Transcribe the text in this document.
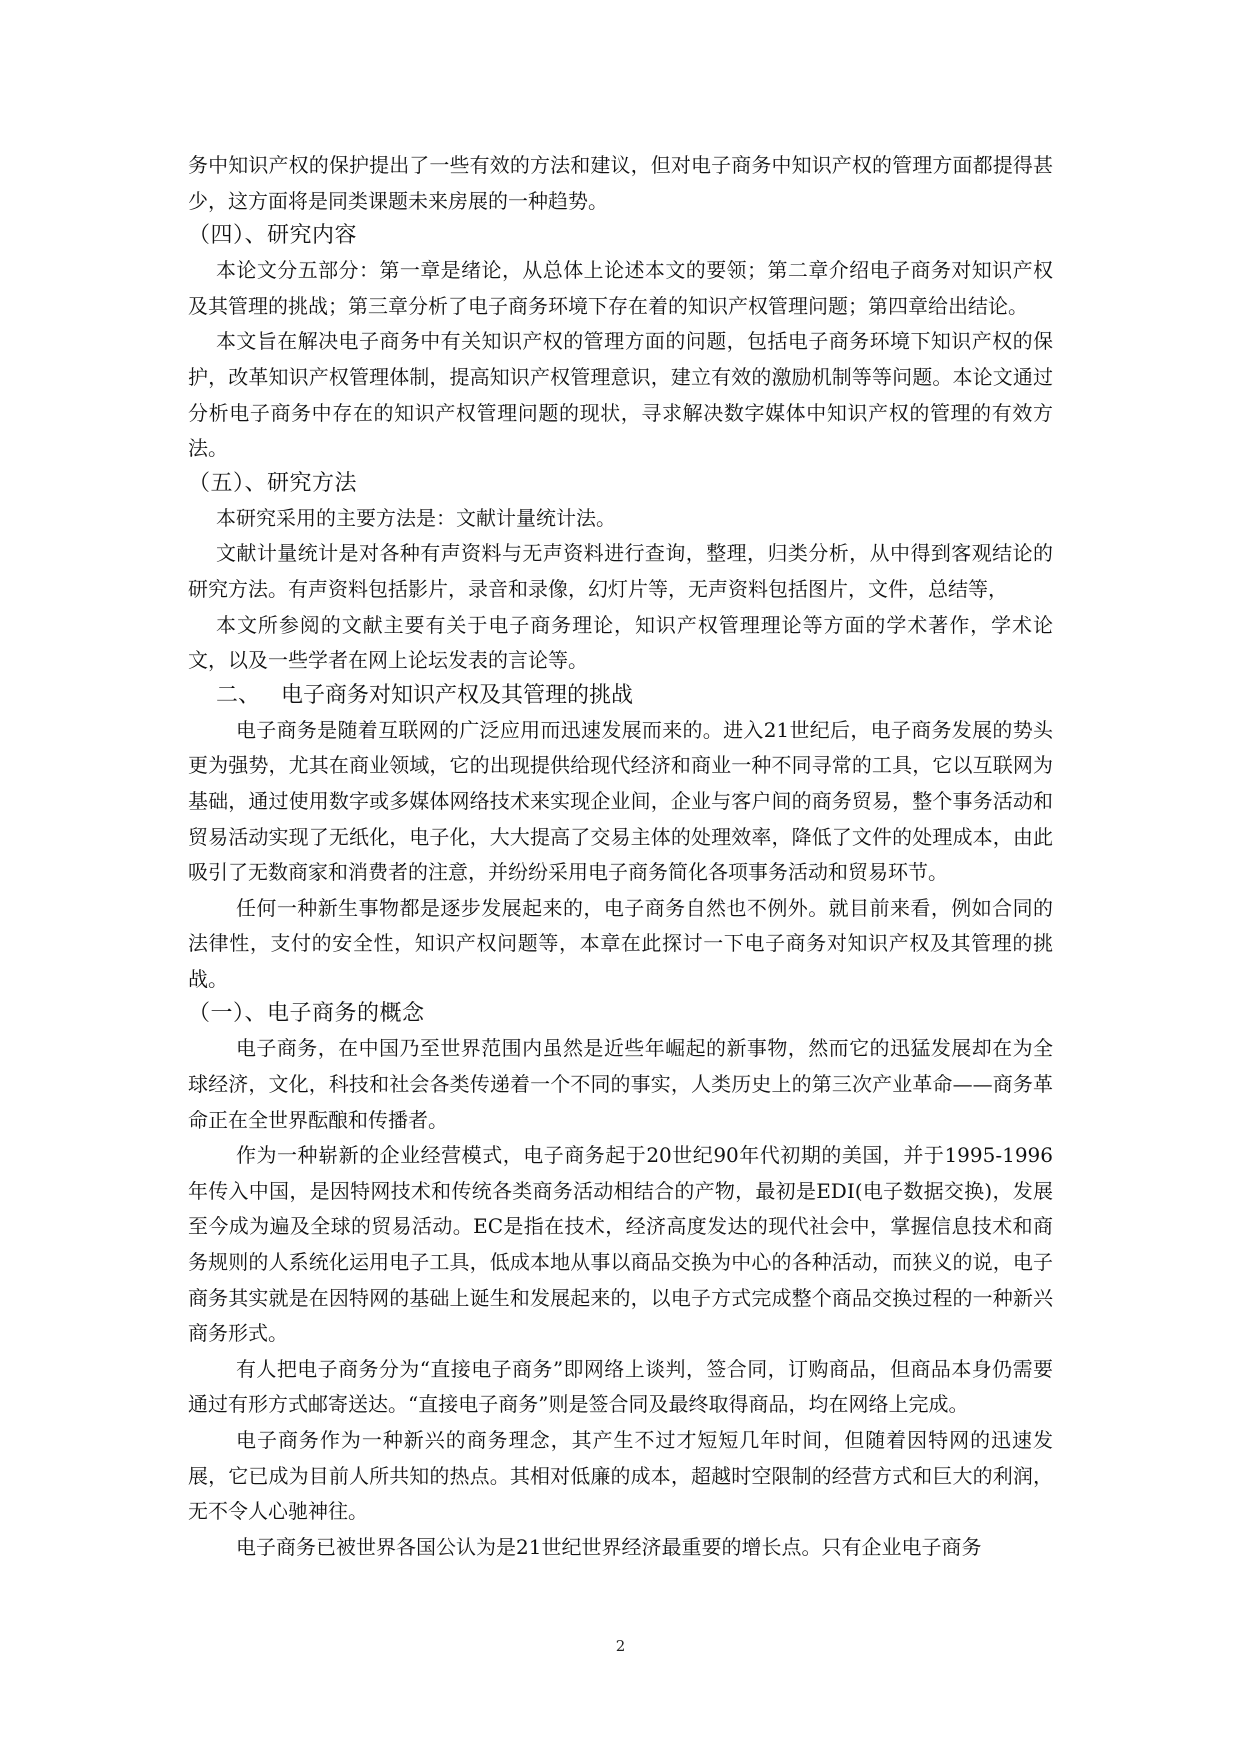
务中知识产权的保护提出了一些有效的方法和建议，但对电子商务中知识产权的管理方面都提得甚少，这方面将是同类课题未来房展的一种趋势。

（四）、研究内容

本论文分五部分：第一章是绪论，从总体上论述本文的要领；第二章介绍电子商务对知识产权及其管理的挑战；第三章分析了电子商务环境下存在着的知识产权管理问题；第四章给出结论。

本文旨在解决电子商务中有关知识产权的管理方面的问题，包括电子商务环境下知识产权的保护，改革知识产权管理体制，提高知识产权管理意识，建立有效的激励机制等等问题。本论文通过分析电子商务中存在的知识产权管理问题的现状，寻求解决数字媒体中知识产权的管理的有效方法。

（五）、研究方法

本研究采用的主要方法是：文献计量统计法。

文献计量统计是对各种有声资料与无声资料进行查询，整理，归类分析，从中得到客观结论的研究方法。有声资料包括影片，录音和录像，幻灯片等，无声资料包括图片，文件，总结等，

本文所参阅的文献主要有关于电子商务理论，知识产权管理理论等方面的学术著作，学术论文，以及一些学者在网上论坛发表的言论等。

二、   电子商务对知识产权及其管理的挑战

电子商务是随着互联网的广泛应用而迅速发展而来的。进入21世纪后，电子商务发展的势头更为强势，尤其在商业领域，它的出现提供给现代经济和商业一种不同寻常的工具，它以互联网为基础，通过使用数字或多媒体网络技术来实现企业间，企业与客户间的商务贸易，整个事务活动和贸易活动实现了无纸化，电子化，大大提高了交易主体的处理效率，降低了文件的处理成本，由此吸引了无数商家和消费者的注意，并纷纷采用电子商务简化各项事务活动和贸易环节。

任何一种新生事物都是逐步发展起来的，电子商务自然也不例外。就目前来看，例如合同的法律性，支付的安全性，知识产权问题等，本章在此探讨一下电子商务对知识产权及其管理的挑战。

（一）、电子商务的概念

电子商务，在中国乃至世界范围内虽然是近些年崛起的新事物，然而它的迅猛发展却在为全球经济，文化，科技和社会各类传递着一个不同的事实，人类历史上的第三次产业革命——商务革命正在全世界酝酿和传播者。

作为一种崭新的企业经营模式，电子商务起于20世纪90年代初期的美国，并于1995-1996年传入中国，是因特网技术和传统各类商务活动相结合的产物，最初是EDI(电子数据交换)，发展至今成为遍及全球的贸易活动。EC是指在技术，经济高度发达的现代社会中，掌握信息技术和商务规则的人系统化运用电子工具，低成本地从事以商品交换为中心的各种活动，而狭义的说，电子商务其实就是在因特网的基础上诞生和发展起来的，以电子方式完成整个商品交换过程的一种新兴商务形式。

有人把电子商务分为“直接电子商务”即网络上谈判，签合同，订购商品，但商品本身仍需要通过有形方式邮寄送达。“直接电子商务”则是签合同及最终取得商品，均在网络上完成。

电子商务作为一种新兴的商务理念，其产生不过才短短几年时间，但随着因特网的迅速发展，它已成为目前人所共知的热点。其相对低廉的成本，超越时空限制的经营方式和巨大的利润，无不令人心驰神往。

电子商务已被世界各国公认为是21世纪世界经济最重要的增长点。只有企业电子商务

2
